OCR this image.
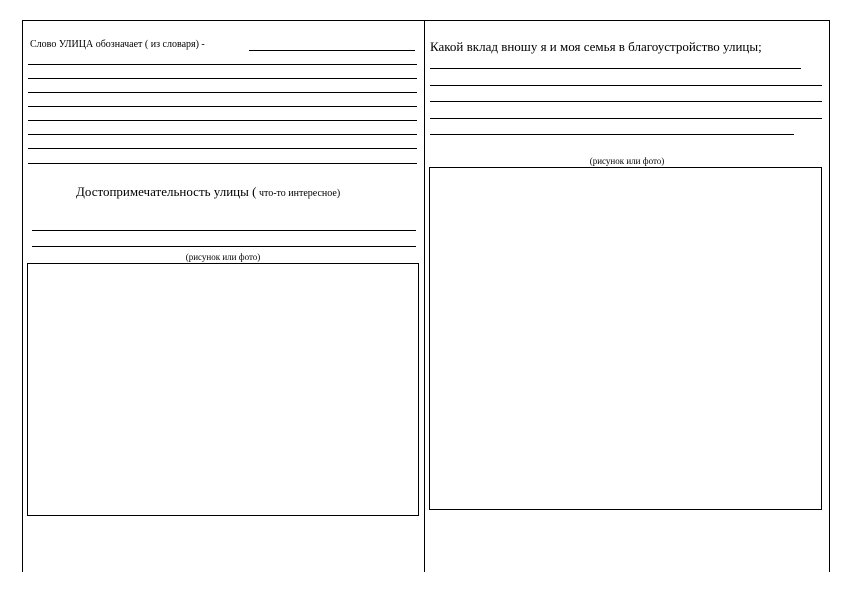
Слово УЛИЦА обозначает ( из словаря) -
Достопримечательность улицы ( что-то интересное)
(рисунок или фото)
Какой вклад вношу я и моя семья в благоустройство улицы;
(рисунок или фото)
